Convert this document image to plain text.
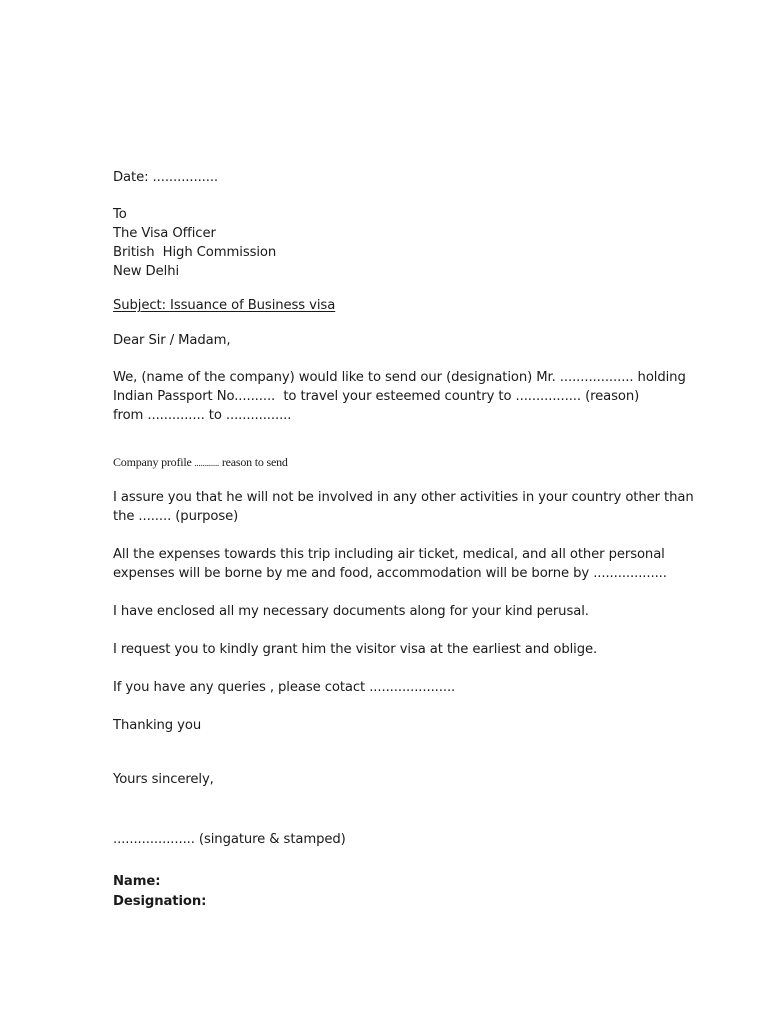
Date: ................
To
The Visa Officer
British  High Commission
New Delhi
Subject: Issuance of Business visa
Dear Sir / Madam,
We, (name of the company) would like to send our (designation) Mr. .................. holding
Indian Passport No..........  to travel your esteemed country to ................ (reason)
from .............. to ................
Company profile ............ reason to send
I assure you that he will not be involved in any other activities in your country other than
the ........ (purpose)
All the expenses towards this trip including air ticket, medical, and all other personal
expenses will be borne by me and food, accommodation will be borne by ..................
I have enclosed all my necessary documents along for your kind perusal.
I request you to kindly grant him the visitor visa at the earliest and oblige.
If you have any queries , please cotact .....................
Thanking you
Yours sincerely,
.................... (singature & stamped)
Name:
Designation:
